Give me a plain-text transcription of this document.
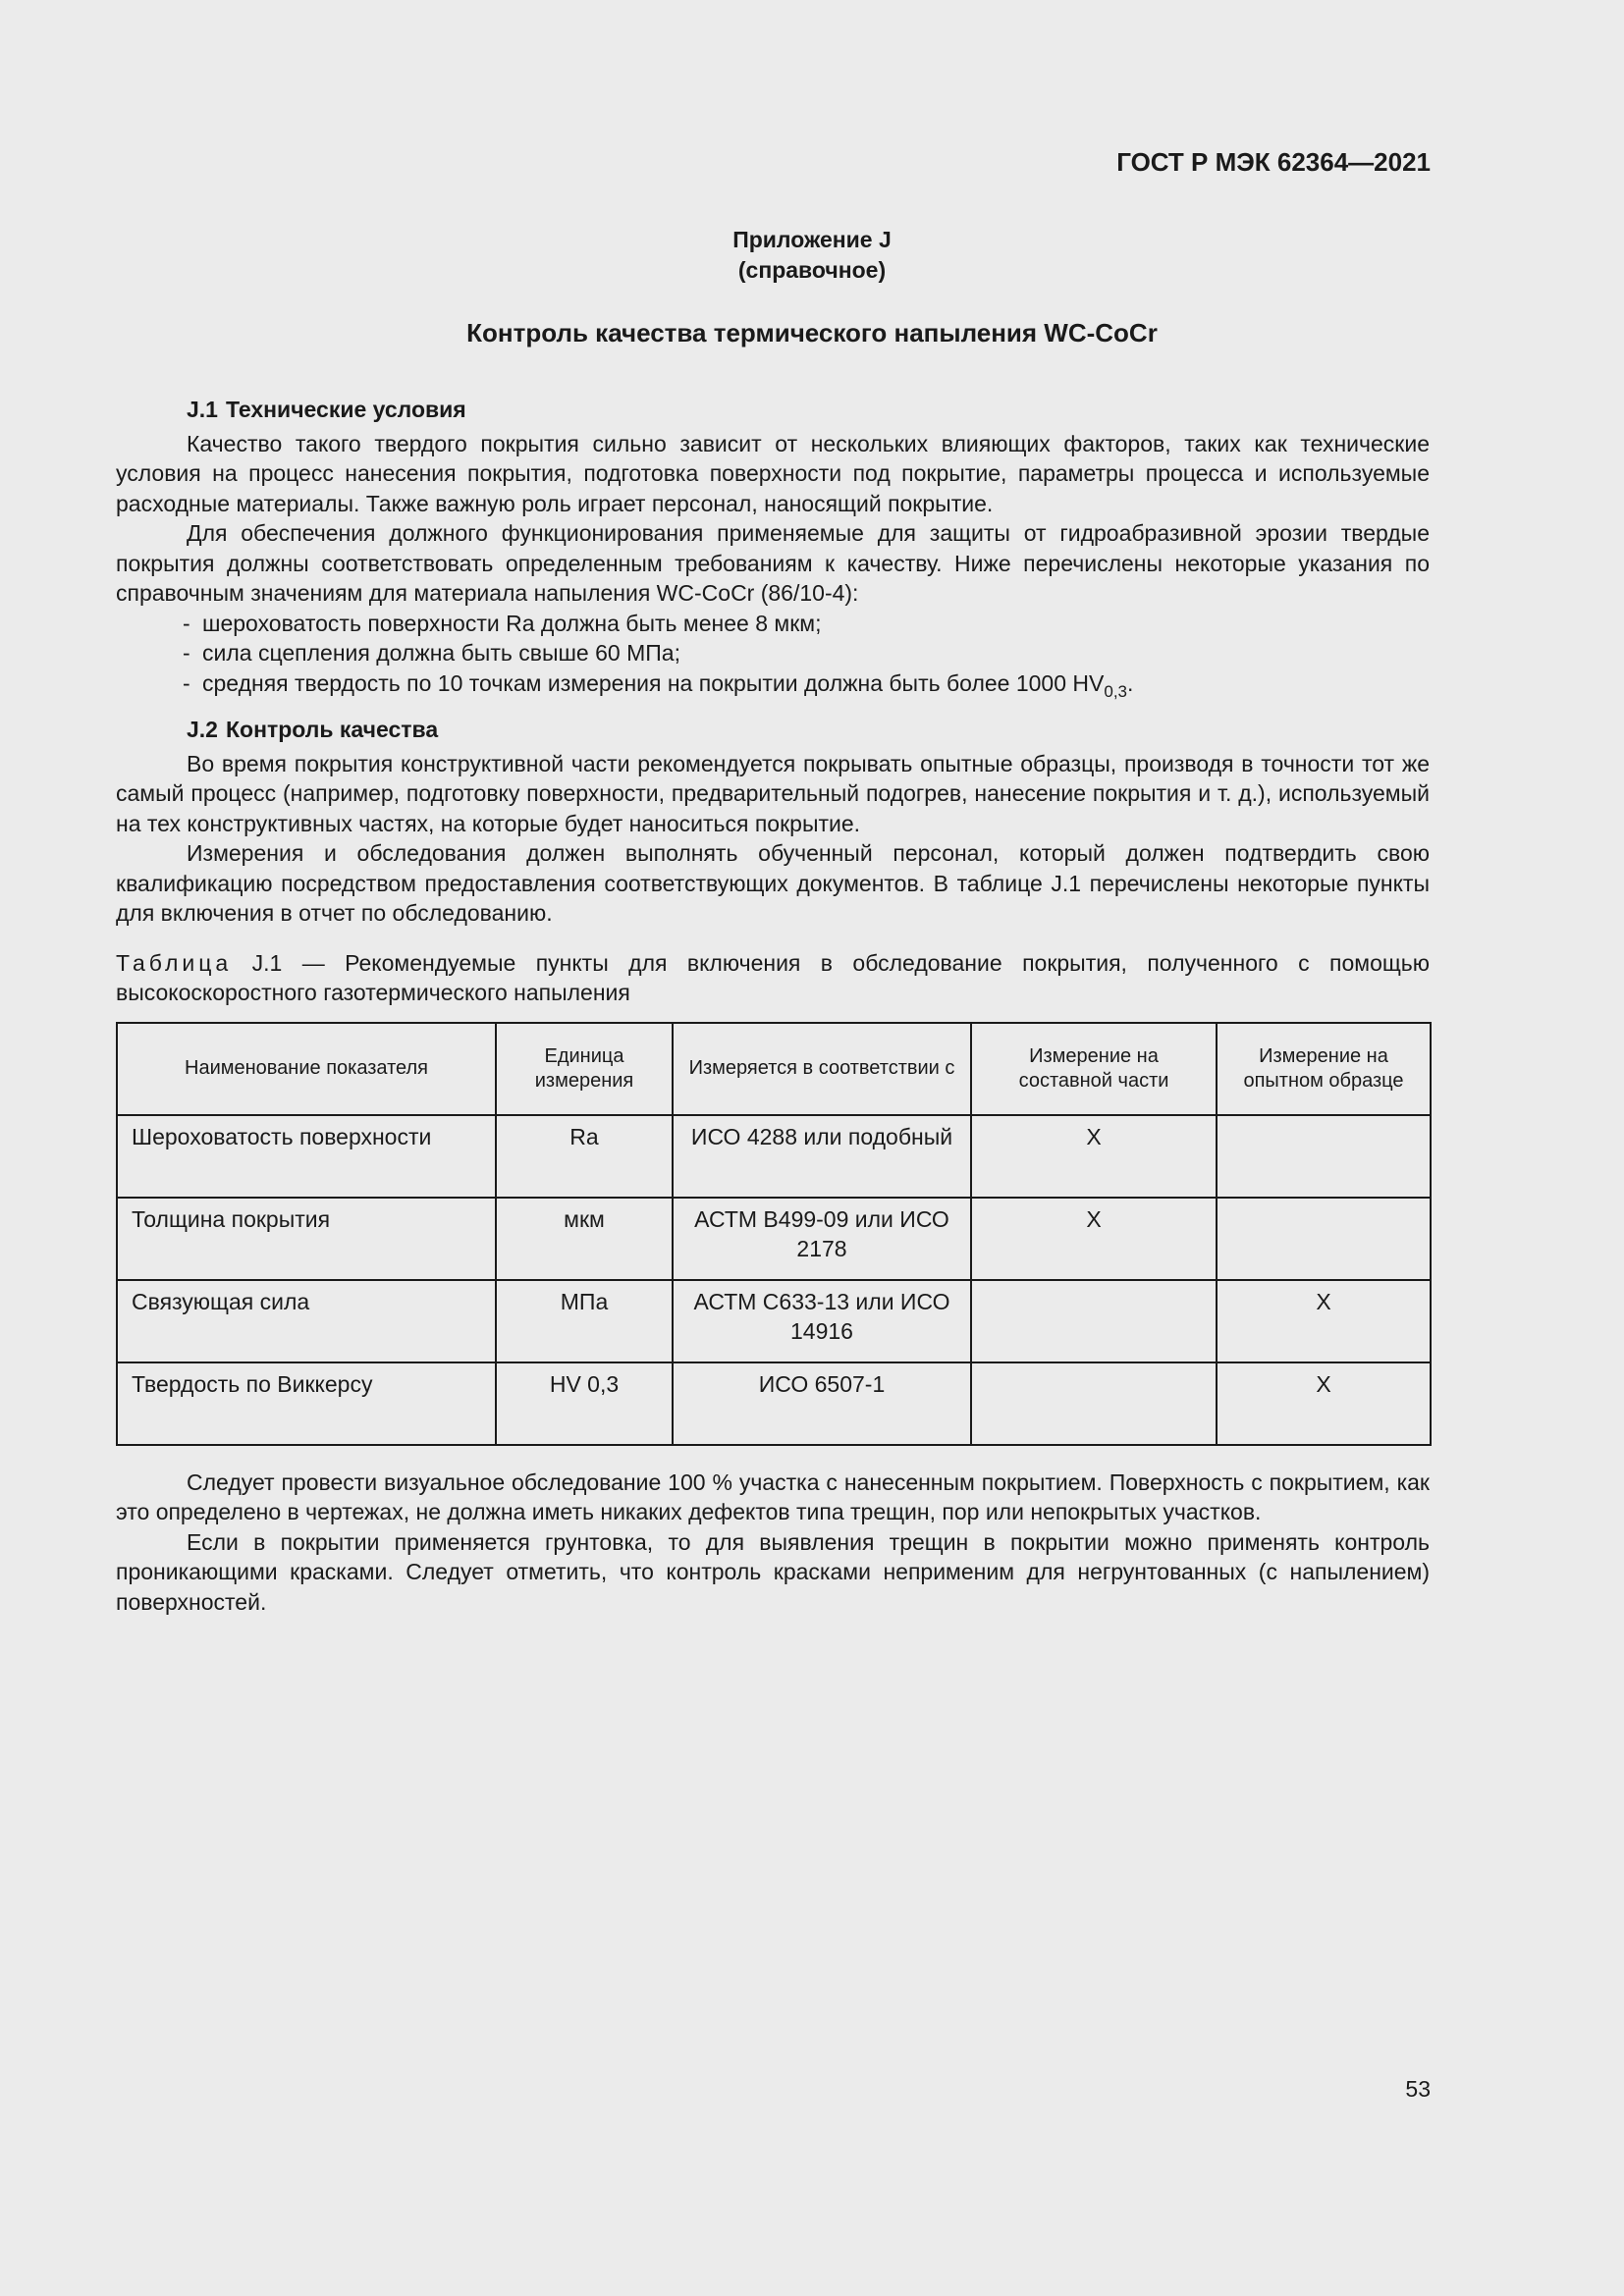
ГОСТ Р МЭК 62364—2021
Приложение J
(справочное)
Контроль качества термического напыления WC-CoCr

J.1 Технические условия

Качество такого твердого покрытия сильно зависит от нескольких влияющих факторов, таких как технические условия на процесс нанесения покрытия, подготовка поверхности под покрытие, параметры процесса и используемые расходные материалы. Также важную роль играет персонал, наносящий покрытие.

Для обеспечения должного функционирования применяемые для защиты от гидроабразивной эрозии твердые покрытия должны соответствовать определенным требованиям к качеству. Ниже перечислены некоторые указания по справочным значениям для материала напыления WC-CoCr (86/10-4):

- шероховатость поверхности Ra должна быть менее 8 мкм;
- сила сцепления должна быть свыше 60 МПа;
- средняя твердость по 10 точкам измерения на покрытии должна быть более 1000 $HV_{0,3}$.

J.2 Контроль качества

Во время покрытия конструктивной части рекомендуется покрывать опытные образцы, производя в точности тот же самый процесс (например, подготовку поверхности, предварительный подогрев, нанесение покрытия и т. д.), используемый на тех конструктивных частях, на которые будет наноситься покрытие.

Измерения и обследования должен выполнять обученный персонал, который должен подтвердить свою квалификацию посредством предоставления соответствующих документов. В таблице J.1 перечислены некоторые пункты для включения в отчет по обследованию.

Таблица J.1 — Рекомендуемые пункты для включения в обследование покрытия, полученного с помощью высокоскоростного газотермического напыления

Наименование показателя	Единица измерения	Измеряется в соответствии с	Измерение на составной части	Измерение на опытном образце
Шероховатость поверхности	Ra	ИСО 4288 или подобный	X	
Толщина покрытия	мкм	АСТМ B499-09 или ИСО 2178	X	
Связующая сила	МПа	АСТМ С633-13 или ИСО 14916		X
Твердость по Виккерсу	HV 0,3	ИСО 6507-1		X

Следует провести визуальное обследование 100 % участка с нанесенным покрытием. Поверхность с покрытием, как это определено в чертежах, не должна иметь никаких дефектов типа трещин, пор или непокрытых участков.

Если в покрытии применяется грунтовка, то для выявления трещин в покрытии можно применять контроль проникающими красками. Следует отметить, что контроль красками неприменим для негрунтованных (с напылением) поверхностей.

53
